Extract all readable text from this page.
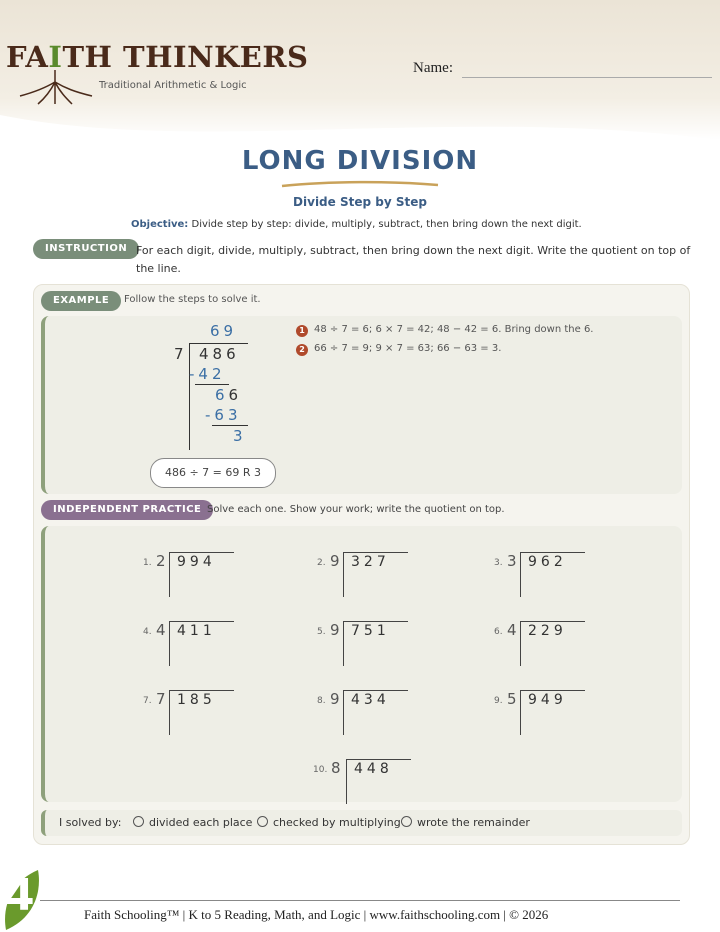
FAITH THINKERS
Traditional Arithmetic & Logic
Name:
LONG DIVISION
Divide Step by Step
Objective: Divide step by step: divide, multiply, subtract, then bring down the next digit.
INSTRUCTION For each digit, divide, multiply, subtract, then bring down the next digit. Write the quotient on top of the line.
EXAMPLE	Follow the steps to solve it.
69
7 486
-42
66
-63
3
1 48 ÷ 7 = 6; 6 × 7 = 42; 48 − 42 = 6. Bring down the 6.
2 66 ÷ 7 = 9; 9 × 7 = 63; 66 − 63 = 3.
486 ÷ 7 = 69 R 3
INDEPENDENT PRACTICE Solve each one. Show your work; write the quotient on top.
1. 2 994	2. 9 327	3. 3 962
4. 4 411	5. 9 751	6. 4 229
7. 7 185	8. 9 434	9. 5 949
10. 8 448
I solved by:	divided each place	checked by multiplying	wrote the remainder
4	Faith Schooling™ | K to 5 Reading, Math, and Logic | www.faithschooling.com | © 2026
